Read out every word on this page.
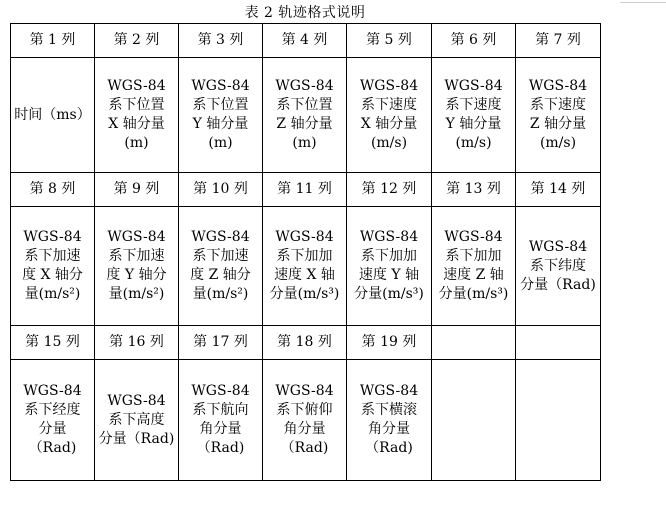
表 2 轨迹格式说明
第 1 列	第 2 列	第 3 列	第 4 列	第 5 列	第 6 列	第 7 列
时间（ms）	WGS-84
系下位置
X 轴分量
(m)	WGS-84
系下位置
Y 轴分量
(m)	WGS-84
系下位置
Z 轴分量
(m)	WGS-84
系下速度
X 轴分量
(m/s)	WGS-84
系下速度
Y 轴分量
(m/s)	WGS-84
系下速度
Z 轴分量
(m/s)
第 8 列	第 9 列	第 10 列	第 11 列	第 12 列	第 13 列	第 14 列
WGS-84
系下加速
度 X 轴分
量(m/s²)	WGS-84
系下加速
度 Y 轴分
量(m/s²)	WGS-84
系下加速
度 Z 轴分
量(m/s²)	WGS-84
系下加加
速度 X 轴
分量(m/s³)	WGS-84
系下加加
速度 Y 轴
分量(m/s³)	WGS-84
系下加加
速度 Z 轴
分量(m/s³)	WGS-84
系下纬度
分量（Rad)
第 15 列	第 16 列	第 17 列	第 18 列	第 19 列		
WGS-84
系下经度
分量
（Rad)	WGS-84
系下高度
分量（Rad)	WGS-84
系下航向
角分量
（Rad)	WGS-84
系下俯仰
角分量
（Rad)	WGS-84
系下横滚
角分量
（Rad)		
